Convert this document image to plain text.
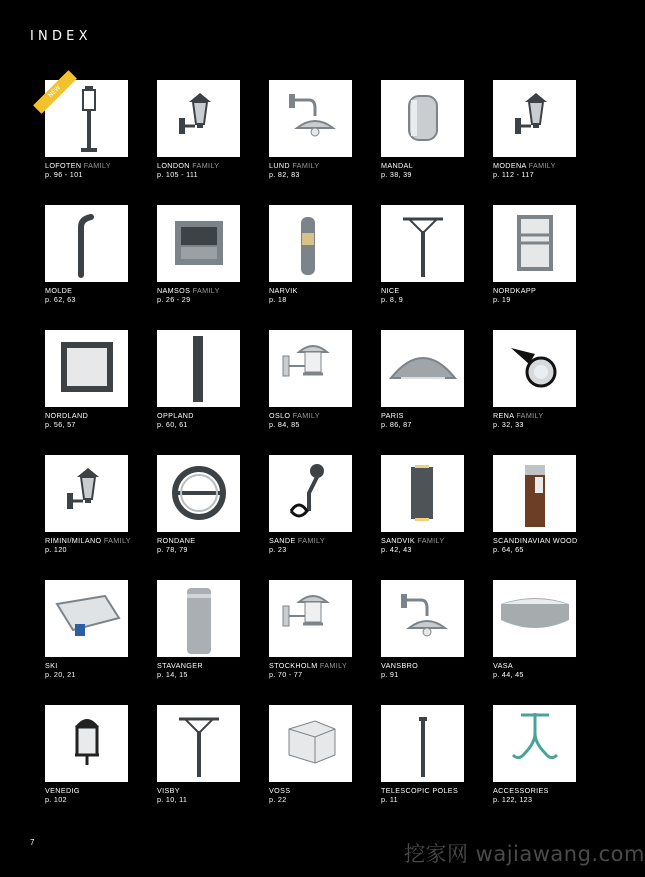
INDEX
NEW
LOFOTEN FAMILY
p. 96 - 101
LONDON FAMILY
p. 105 - 111
LUND FAMILY
p. 82, 83
MANDAL
p. 38, 39
MODENA FAMILY
p. 112 - 117
MOLDE
p. 62, 63
NAMSOS FAMILY
p. 26 - 29
NARVIK
p. 18
NICE
p. 8, 9
NORDKAPP
p. 19
NORDLAND
p. 56, 57
OPPLAND
p. 60, 61
OSLO FAMILY
p. 84, 85
PARIS
p. 86, 87
RENA FAMILY
p. 32, 33
RIMINI/MILANO FAMILY
p. 120
RONDANE
p. 78, 79
SANDE FAMILY
p. 23
SANDVIK FAMILY
p. 42, 43
SCANDINAVIAN WOOD
p. 64, 65
SKI
p. 20, 21
STAVANGER
p. 14, 15
STOCKHOLM FAMILY
p. 70 - 77
VANSBRO
p. 91
VASA
p. 44, 45
VENEDIG
p. 102
VISBY
p. 10, 11
VOSS
p. 22
TELESCOPIC POLES
p. 11
ACCESSORIES
p. 122, 123
7	挖家网 wajiawang.com
